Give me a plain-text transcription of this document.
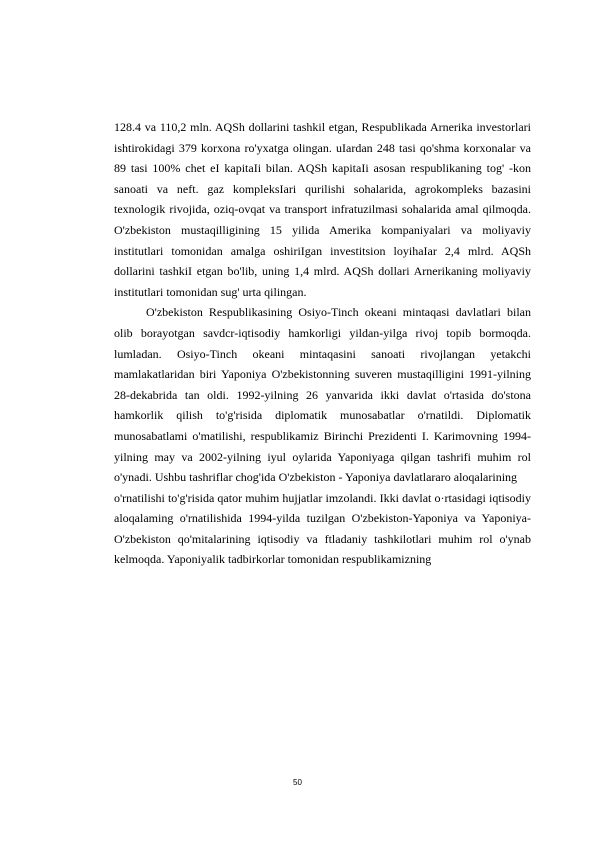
128.4 va 110,2 mln. AQSh dollarini tashkil etgan, Respublikada Arnerika investorlari ishtirokidagi 379 korxona ro'yxatga olingan. uIardan 248 tasi qo'shma korxonalar va 89 tasi 100% chet eI kapitaIi bilan. AQSh kapitaIi asosan respublikaning tog' -kon sanoati va neft. gaz kompleksIari qurilishi sohalarida, agrokompleks bazasini texnologik rivojida, oziq-ovqat va transport infratuzilmasi sohalarida amal qilmoqda. O'zbekiston mustaqilligining 15 yilida Amerika kompaniyalari va moliyaviy institutlari tomonidan amalga oshiriIgan investitsion loyihaIar 2,4 mlrd. AQSh dollarini tashkiI etgan bo'lib, uning 1,4 mlrd. AQSh dollari Arnerikaning moliyaviy institutlari tomonidan sug' urta qilingan.

O'zbekiston Respublikasining Osiyo-Tinch okeani mintaqasi davlatlari bilan olib borayotgan savdcr-iqtisodiy hamkorligi yildan-yilga rivoj topib bormoqda. lumladan. Osiyo-Tinch okeani mintaqasini sanoati rivojlangan yetakchi mamlakatlaridan biri Yaponiya O'zbekistonning suveren mustaqilligini 1991-yilning 28-dekabrida tan oldi. 1992-yilning 26 yanvarida ikki davlat o'rtasida do'stona hamkorlik qilish to'g'risida diplomatik munosabatlar o'rnatildi. Diplomatik munosabatlami o'matilishi, respublikamiz Birinchi Prezidenti I. Karimovning 1994-yilning may va 2002-yilning iyul oylarida Yaponiyaga qilgan tashrifi muhim rol o'ynadi. Ushbu tashriflar chog'ida O'zbekiston - Yaponiya davlatlararo aloqalarining

o'rnatilishi to'g'risida qator muhim hujjatlar imzolandi. Ikki davlat o·rtasidagi iqtisodiy aloqalaming o'rnatilishida 1994-yilda tuzilgan O'zbekiston-Yaponiya va Yaponiya-O'zbekiston qo'mitalarining iqtisodiy va ftladaniy tashkilotlari muhim rol o'ynab kelmoqda. Yaponiyalik tadbirkorlar tomonidan respublikamizning

50
